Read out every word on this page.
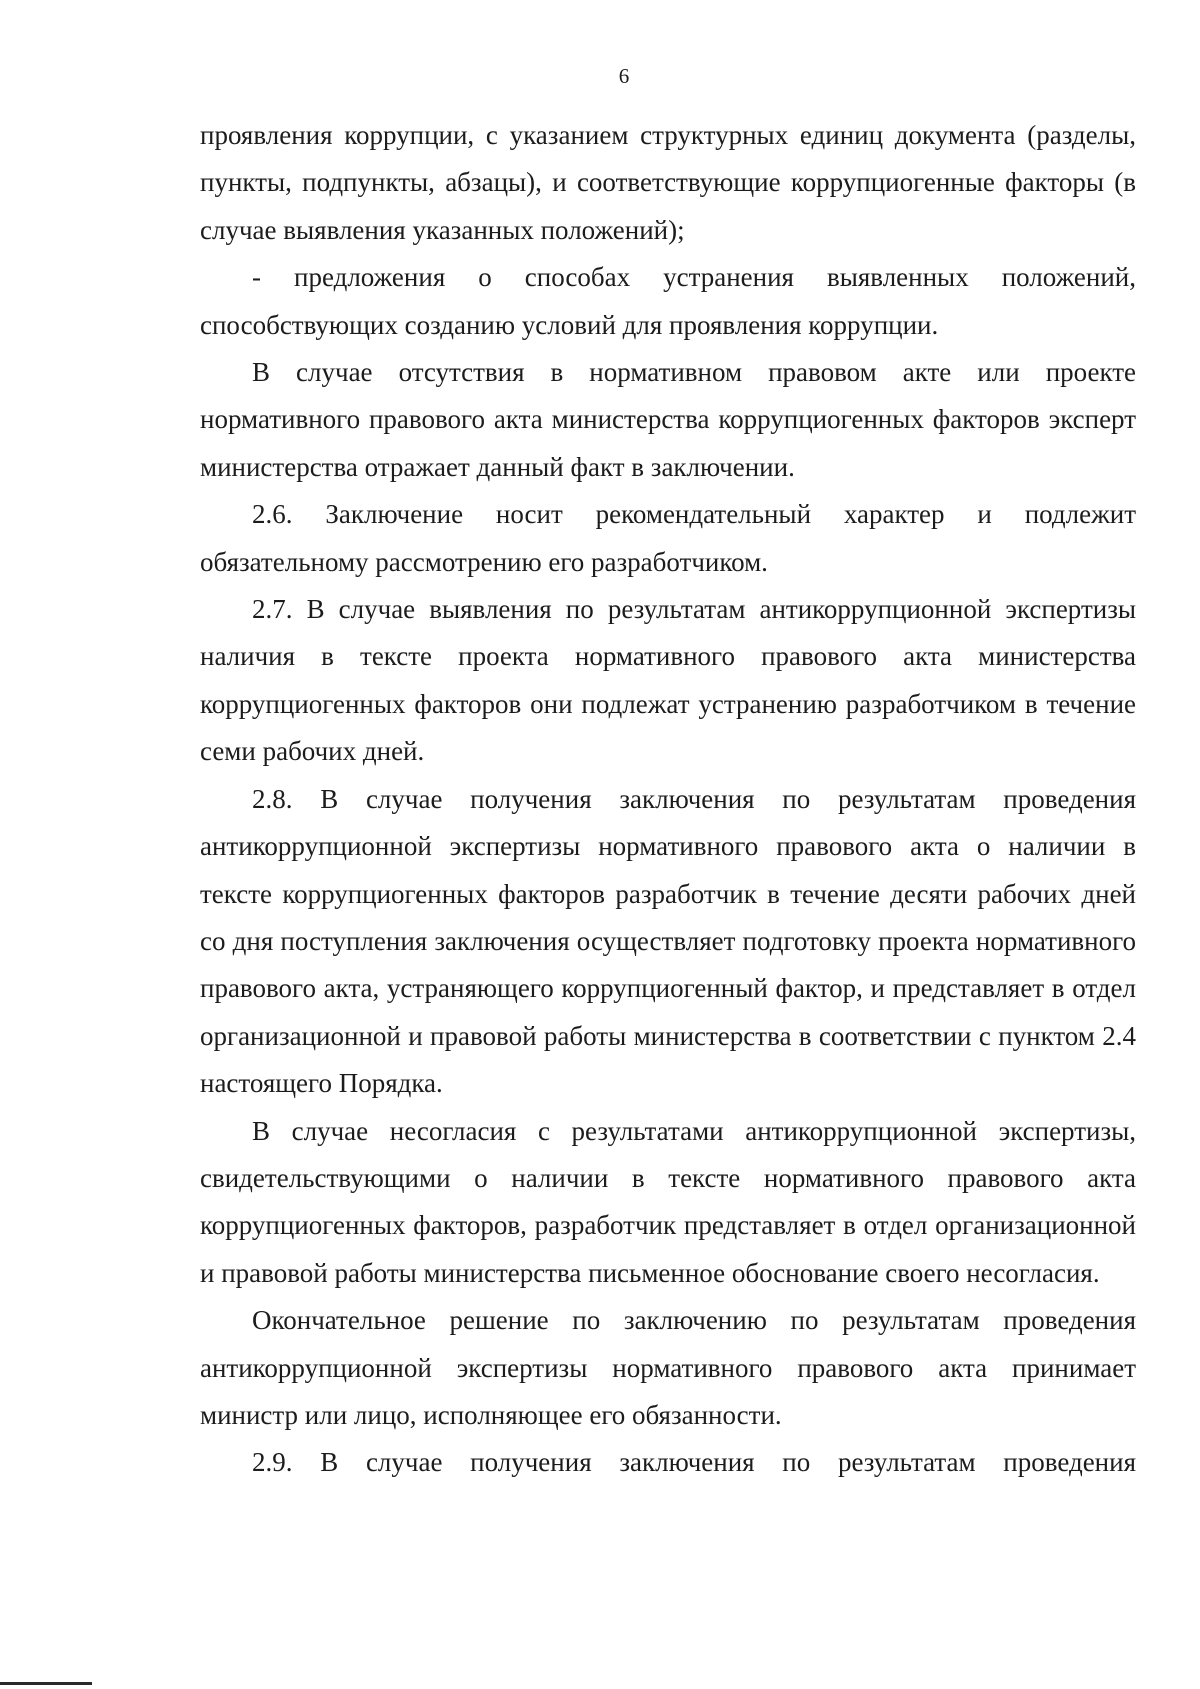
6

проявления коррупции, с указанием структурных единиц документа (разделы, пункты, подпункты, абзацы), и соответствующие коррупциогенные факторы (в случае выявления указанных положений);

- предложения о способах устранения выявленных положений, способствующих созданию условий для проявления коррупции.

В случае отсутствия в нормативном правовом акте или проекте нормативного правового акта министерства коррупциогенных факторов эксперт министерства отражает данный факт в заключении.

2.6. Заключение носит рекомендательный характер и подлежит обязательному рассмотрению его разработчиком.

2.7. В случае выявления по результатам антикоррупционной экспертизы наличия в тексте проекта нормативного правового акта министерства коррупциогенных факторов они подлежат устранению разработчиком в течение семи рабочих дней.

2.8. В случае получения заключения по результатам проведения антикоррупционной экспертизы нормативного правового акта о наличии в тексте коррупциогенных факторов разработчик в течение десяти рабочих дней со дня поступления заключения осуществляет подготовку проекта нормативного правового акта, устраняющего коррупциогенный фактор, и представляет в отдел организационной и правовой работы министерства в соответствии с пунктом 2.4 настоящего Порядка.

В случае несогласия с результатами антикоррупционной экспертизы, свидетельствующими о наличии в тексте нормативного правового акта коррупциогенных факторов, разработчик представляет в отдел организационной и правовой работы министерства письменное обоснование своего несогласия.

Окончательное решение по заключению по результатам проведения антикоррупционной экспертизы нормативного правового акта принимает министр или лицо, исполняющее его обязанности.

2.9. В случае получения заключения по результатам проведения
